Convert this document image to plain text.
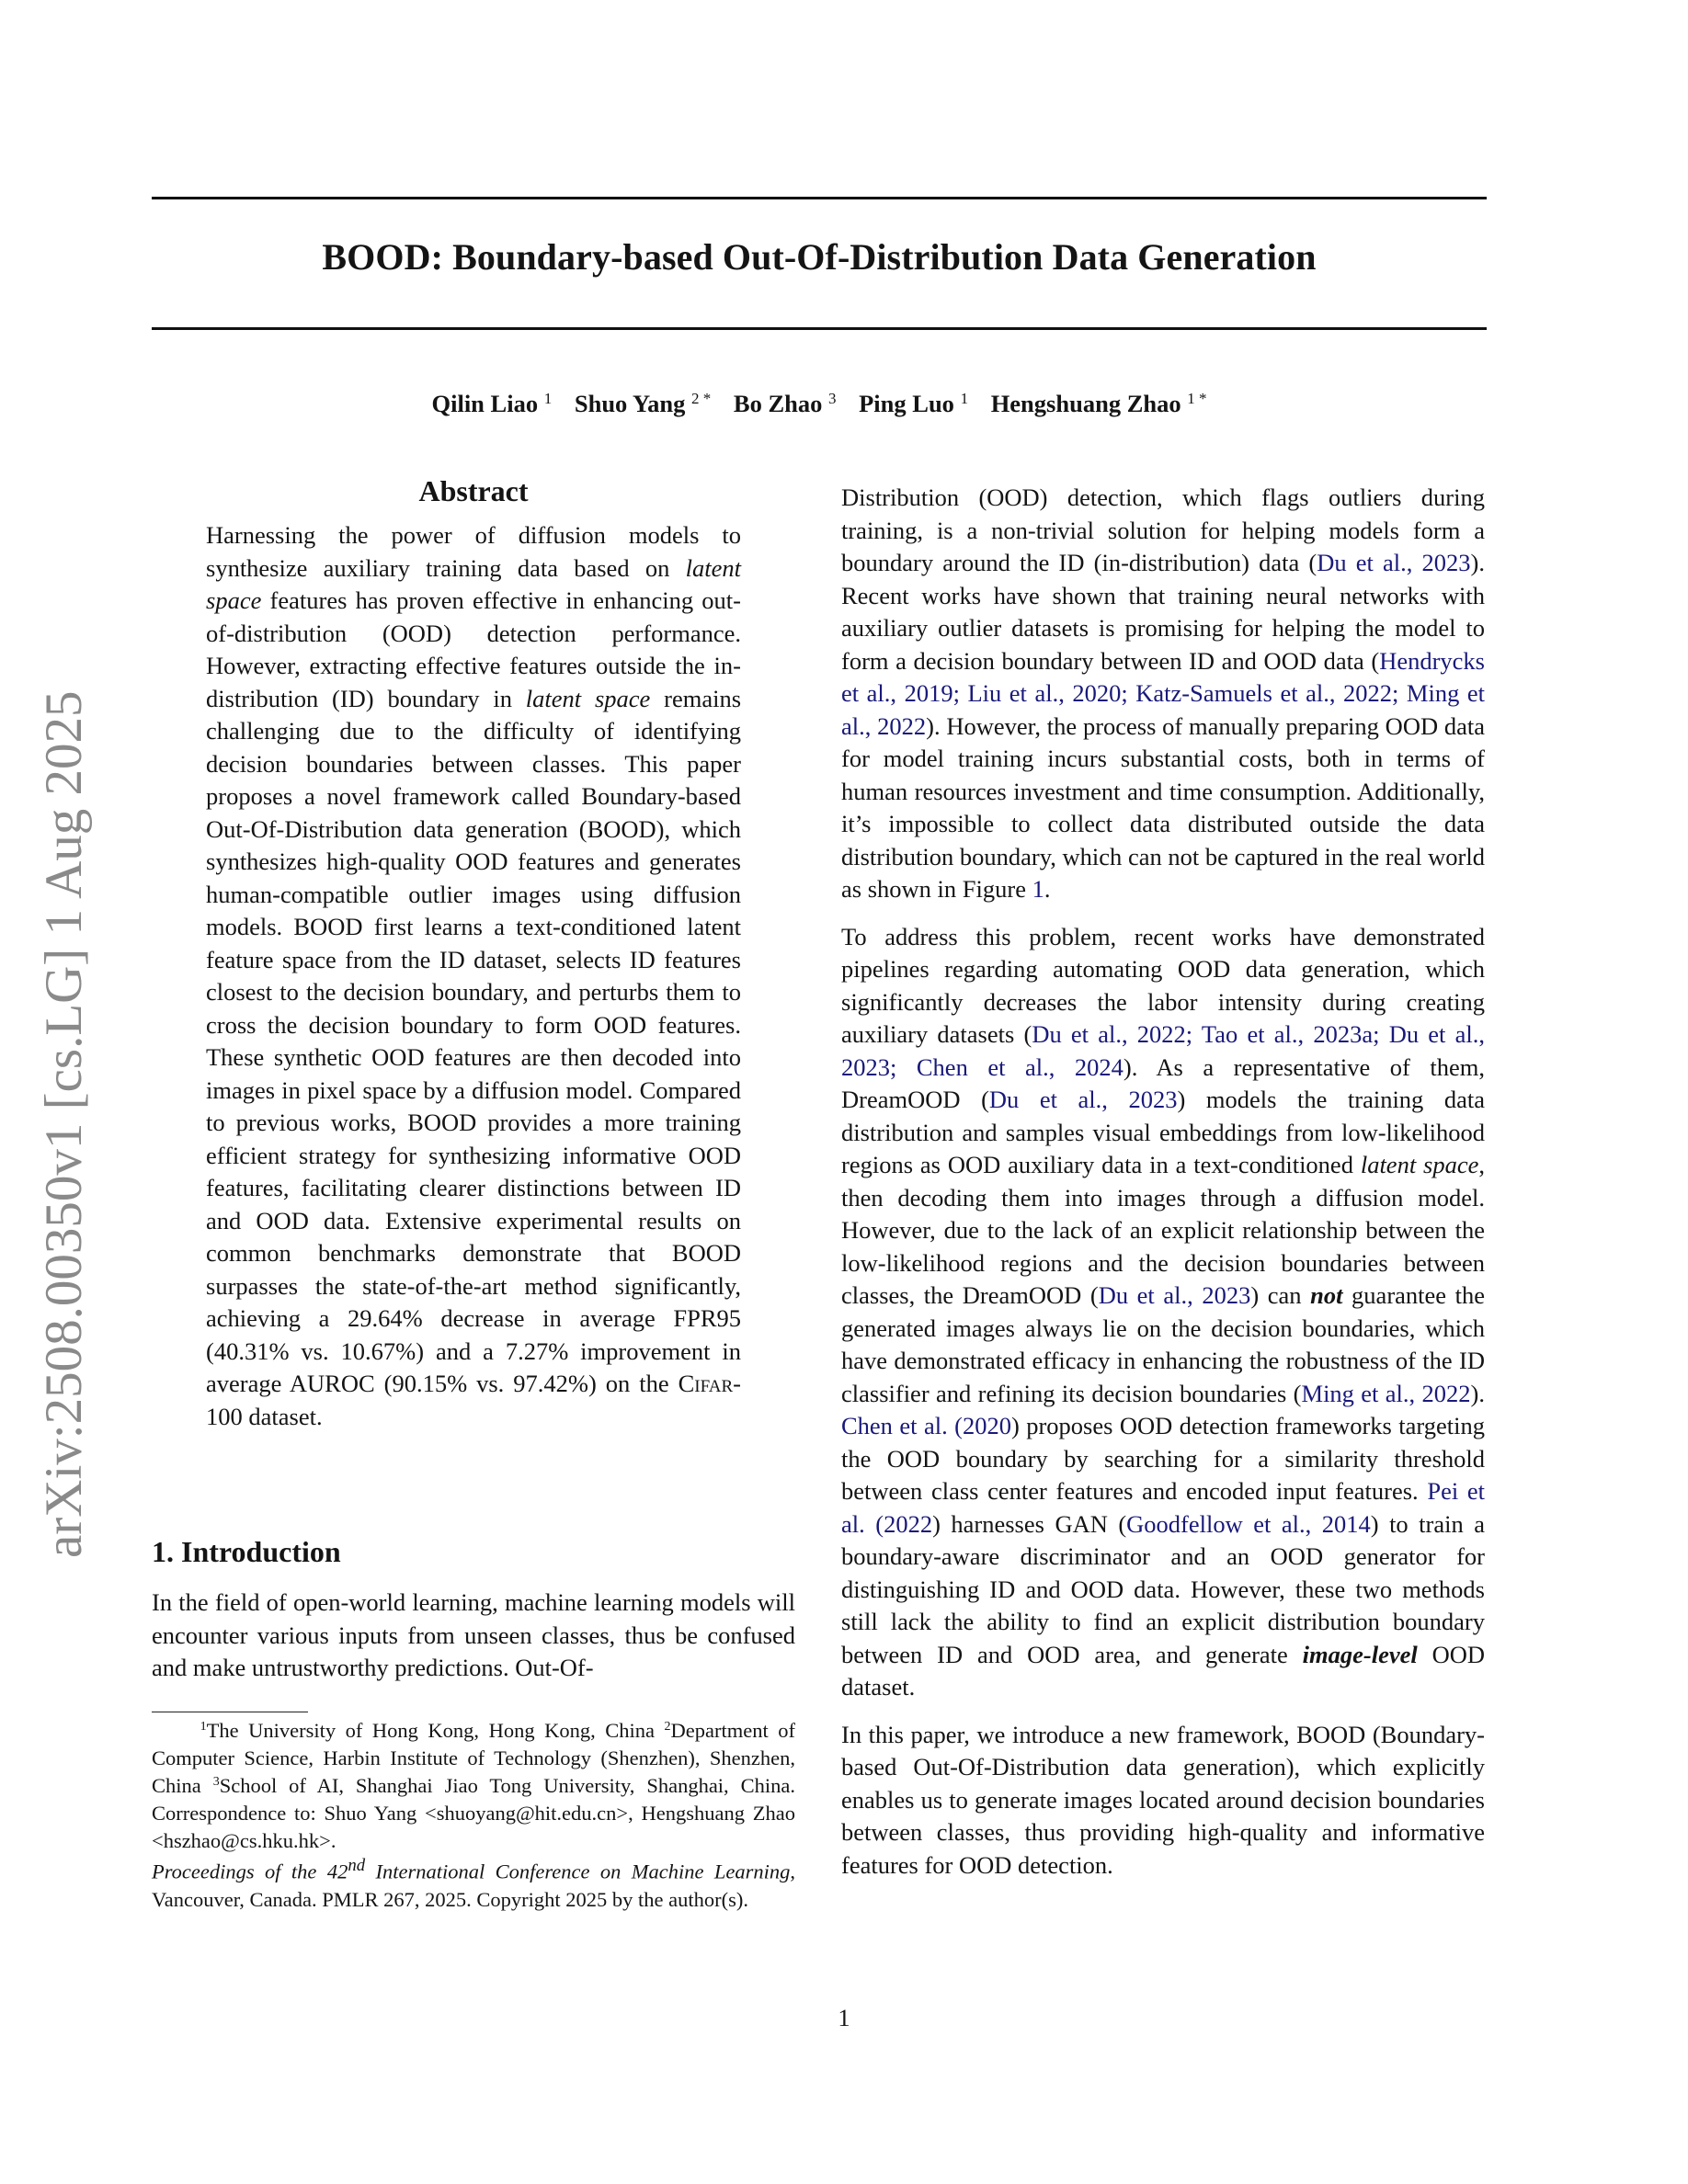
arXiv:2508.00350v1 [cs.LG] 1 Aug 2025
BOOD: Boundary-based Out-Of-Distribution Data Generation
Qilin Liao $^1$ Shuo Yang $^{2 *}$ Bo Zhao $^3$ Ping Luo $^1$ Hengshuang Zhao $^{1 *}$
Abstract

Harnessing the power of diffusion models to synthesize auxiliary training data based on latent space features has proven effective in enhancing out-of-distribution (OOD) detection performance. However, extracting effective features outside the in-distribution (ID) boundary in latent space remains challenging due to the difficulty of identifying decision boundaries between classes. This paper proposes a novel framework called Boundary-based Out-Of-Distribution data generation (BOOD), which synthesizes high-quality OOD features and generates human-compatible outlier images using diffusion models. BOOD first learns a text-conditioned latent feature space from the ID dataset, selects ID features closest to the decision boundary, and perturbs them to cross the decision boundary to form OOD features. These synthetic OOD features are then decoded into images in pixel space by a diffusion model. Compared to previous works, BOOD provides a more training efficient strategy for synthesizing informative OOD features, facilitating clearer distinctions between ID and OOD data. Extensive experimental results on common benchmarks demonstrate that BOOD surpasses the state-of-the-art method significantly, achieving a 29.64% decrease in average FPR95 (40.31% vs. 10.67%) and a 7.27% improvement in average AUROC (90.15% vs. 97.42%) on the Cifar-100 dataset.

1. Introduction

In the field of open-world learning, machine learning models will encounter various inputs from unseen classes, thus be confused and make untrustworthy predictions. Out-Of-

$^1$The University of Hong Kong, Hong Kong, China $^2$Department of Computer Science, Harbin Institute of Technology (Shenzhen), Shenzhen, China $^3$School of AI, Shanghai Jiao Tong University, Shanghai, China. Correspondence to: Shuo Yang <shuoyang@hit.edu.cn>, Hengshuang Zhao <hszhao@cs.hku.hk>.
Proceedings of the 42nd International Conference on Machine Learning, Vancouver, Canada. PMLR 267, 2025. Copyright 2025 by the author(s).

Distribution (OOD) detection, which flags outliers during training, is a non-trivial solution for helping models form a boundary around the ID (in-distribution) data (Du et al., 2023). Recent works have shown that training neural networks with auxiliary outlier datasets is promising for helping the model to form a decision boundary between ID and OOD data (Hendrycks et al., 2019; Liu et al., 2020; Katz-Samuels et al., 2022; Ming et al., 2022). However, the process of manually preparing OOD data for model training incurs substantial costs, both in terms of human resources investment and time consumption. Additionally, it’s impossible to collect data distributed outside the data distribution boundary, which can not be captured in the real world as shown in Figure 1.

To address this problem, recent works have demonstrated pipelines regarding automating OOD data generation, which significantly decreases the labor intensity during creating auxiliary datasets (Du et al., 2022; Tao et al., 2023a; Du et al., 2023; Chen et al., 2024). As a representative of them, DreamOOD (Du et al., 2023) models the training data distribution and samples visual embeddings from low-likelihood regions as OOD auxiliary data in a text-conditioned latent space, then decoding them into images through a diffusion model. However, due to the lack of an explicit relationship between the low-likelihood regions and the decision boundaries between classes, the DreamOOD (Du et al., 2023) can not guarantee the generated images always lie on the decision boundaries, which have demonstrated efficacy in enhancing the robustness of the ID classifier and refining its decision boundaries (Ming et al., 2022). Chen et al. (2020) proposes OOD detection frameworks targeting the OOD boundary by searching for a similarity threshold between class center features and encoded input features. Pei et al. (2022) harnesses GAN (Goodfellow et al., 2014) to train a boundary-aware discriminator and an OOD generator for distinguishing ID and OOD data. However, these two methods still lack the ability to find an explicit distribution boundary between ID and OOD area, and generate image-level OOD dataset.

In this paper, we introduce a new framework, BOOD (Boundary-based Out-Of-Distribution data generation), which explicitly enables us to generate images located around decision boundaries between classes, thus providing high-quality and informative features for OOD detection.

1
